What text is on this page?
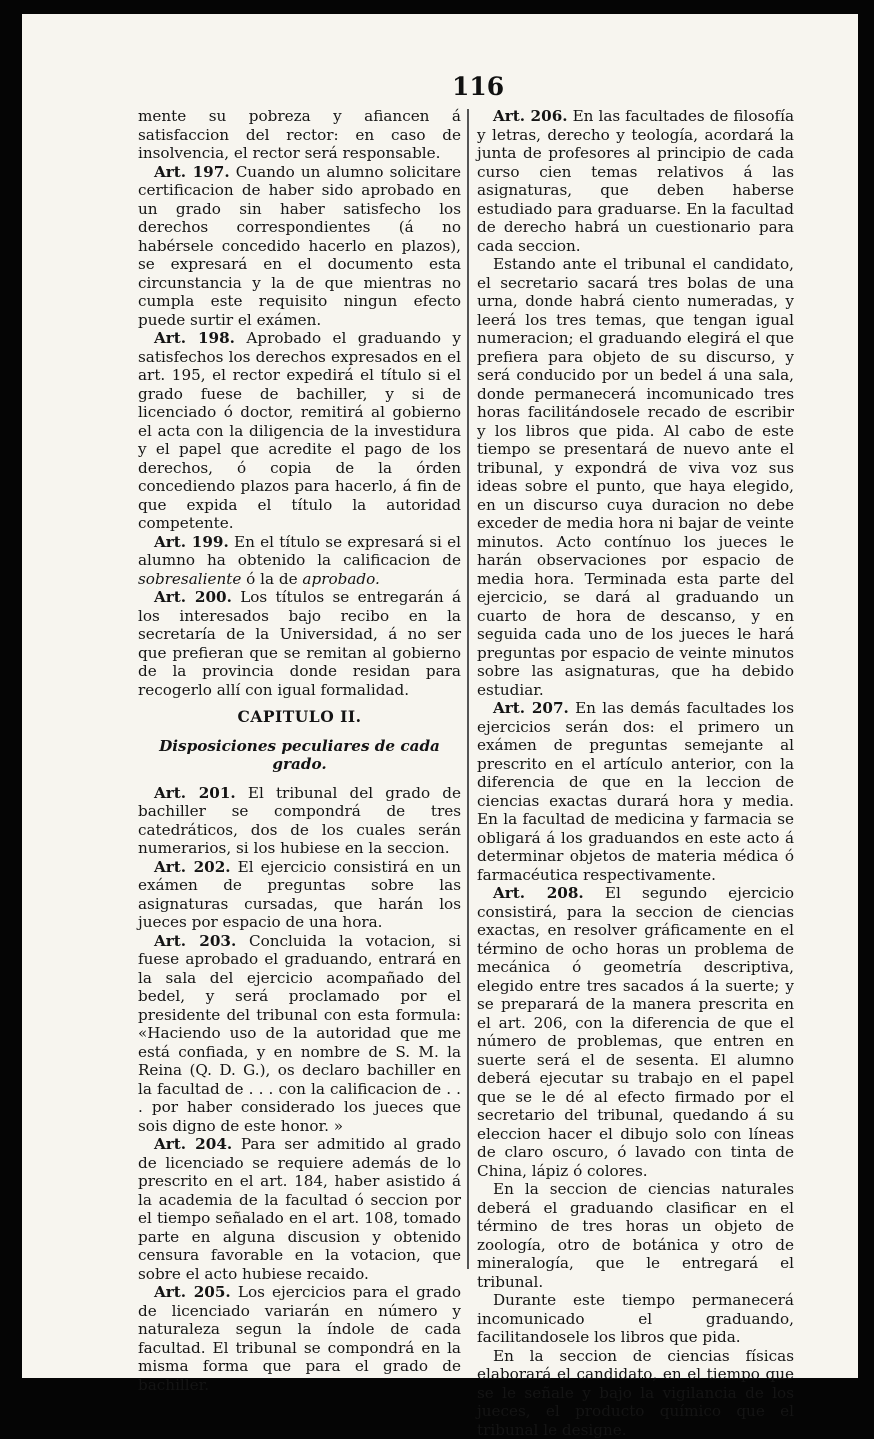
116

mente su pobreza y afiancen á satisfaccion del rector: en caso de insolvencia, el rector será responsable.

Art. 197. Cuando un alumno solicitare certificacion de haber sido aprobado en un grado sin haber satisfecho los derechos correspondientes (á no habérsele concedido hacerlo en plazos), se expresará en el documento esta circunstancia y la de que mientras no cumpla este requisito ningun efecto puede surtir el exámen.

Art. 198. Aprobado el graduando y satisfechos los derechos expresados en el art. 195, el rector expedirá el título si el grado fuese de bachiller, y si de licenciado ó doctor, remitirá al gobierno el acta con la diligencia de la investidura y el papel que acredite el pago de los derechos, ó copia de la órden concediendo plazos para hacerlo, á fin de que expida el título la autoridad competente.

Art. 199. En el título se expresará si el alumno ha obtenido la calificacion de sobresaliente ó la de aprobado.

Art. 200. Los títulos se entregarán á los interesados bajo recibo en la secretaría de la Universidad, á no ser que prefieran que se remitan al gobierno de la provincia donde residan para recogerlo allí con igual formalidad.

CAPITULO II.

Disposiciones peculiares de cada grado.

Art. 201. El tribunal del grado de bachiller se compondrá de tres catedráticos, dos de los cuales serán numerarios, si los hubiese en la seccion.

Art. 202. El ejercicio consistirá en un exámen de preguntas sobre las asignaturas cursadas, que harán los jueces por espacio de una hora.

Art. 203. Concluida la votacion, si fuese aprobado el graduando, entrará en la sala del ejercicio acompañado del bedel, y será proclamado por el presidente del tribunal con esta formula: «Haciendo uso de la autoridad que me está confiada, y en nombre de S. M. la Reina (Q. D. G.), os declaro bachiller en la facultad de . . . con la calificacion de . . . por haber considerado los jueces que sois digno de este honor. »

Art. 204. Para ser admitido al grado de licenciado se requiere además de lo prescrito en el art. 184, haber asistido á la academia de la facultad ó seccion por el tiempo señalado en el art. 108, tomado parte en alguna discusion y obtenido censura favorable en la votacion, que sobre el acto hubiese recaido.

Art. 205. Los ejercicios para el grado de licenciado variarán en número y naturaleza segun la índole de cada facultad. El tribunal se compondrá en la misma forma que para el grado de bachiller.

Art. 206. En las facultades de filosofía y letras, derecho y teología, acordará la junta de profesores al principio de cada curso cien temas relativos á las asignaturas, que deben haberse estudiado para graduarse. En la facultad de derecho habrá un cuestionario para cada seccion.

Estando ante el tribunal el candidato, el secretario sacará tres bolas de una urna, donde habrá ciento numeradas, y leerá los tres temas, que tengan igual numeracion; el graduando elegirá el que prefiera para objeto de su discurso, y será conducido por un bedel á una sala, donde permanecerá incomunicado tres horas facilitándosele recado de escribir y los libros que pida. Al cabo de este tiempo se presentará de nuevo ante el tribunal, y expondrá de viva voz sus ideas sobre el punto, que haya elegido, en un discurso cuya duracion no debe exceder de media hora ni bajar de veinte minutos. Acto contínuo los jueces le harán observaciones por espacio de media hora. Terminada esta parte del ejercicio, se dará al graduando un cuarto de hora de descanso, y en seguida cada uno de los jueces le hará preguntas por espacio de veinte minutos sobre las asignaturas, que ha debido estudiar.

Art. 207. En las demás facultades los ejercicios serán dos: el primero un exámen de preguntas semejante al prescrito en el artículo anterior, con la diferencia de que en la leccion de ciencias exactas durará hora y media. En la facultad de medicina y farmacia se obligará á los graduandos en este acto á determinar objetos de materia médica ó farmacéutica respectivamente.

Art. 208. El segundo ejercicio consistirá, para la seccion de ciencias exactas, en resolver gráficamente en el término de ocho horas un problema de mecánica ó geometría descriptiva, elegido entre tres sacados á la suerte; y se preparará de la manera prescrita en el art. 206, con la diferencia de que el número de problemas, que entren en suerte será el de sesenta. El alumno deberá ejecutar su trabajo en el papel que se le dé al efecto firmado por el secretario del tribunal, quedando á su eleccion hacer el dibujo solo con líneas de claro oscuro, ó lavado con tinta de China, lápiz ó colores.

En la seccion de ciencias naturales deberá el graduando clasificar en el término de tres horas un objeto de zoología, otro de botánica y otro de mineralogía, que le entregará el tribunal.

Durante este tiempo permanecerá incomunicado el graduando, facilitandosele los libros que pida.

En la seccion de ciencias físicas elaborará el candidato, en el tiempo que se le señale y bajo la vigilancia de los jueces, el producto químico que el tribunal le designe.
